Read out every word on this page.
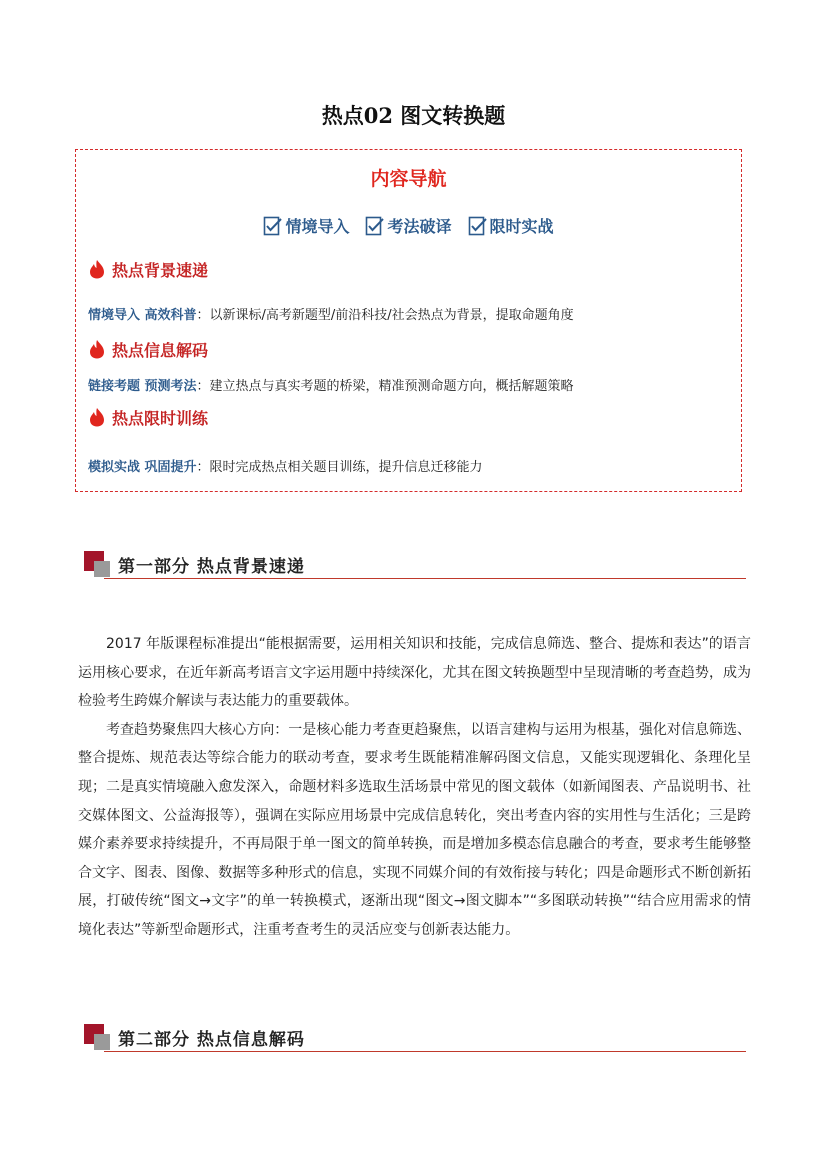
热点02 图文转换题
内容导航
情境导入 考法破译 限时实战
热点背景速递
情境导入 高效科普：以新课标/高考新题型/前沿科技/社会热点为背景，提取命题角度
热点信息解码
链接考题 预测考法：建立热点与真实考题的桥梁，精准预测命题方向，概括解题策略
热点限时训练
模拟实战 巩固提升：限时完成热点相关题目训练，提升信息迁移能力
第一部分 热点背景速递

2017 年版课程标准提出“能根据需要，运用相关知识和技能，完成信息筛选、整合、提炼和表达”的语言运用核心要求，在近年新高考语言文字运用题中持续深化，尤其在图文转换题型中呈现清晰的考查趋势，成为检验考生跨媒介解读与表达能力的重要载体。

考查趋势聚焦四大核心方向：一是核心能力考查更趋聚焦，以语言建构与运用为根基，强化对信息筛选、整合提炼、规范表达等综合能力的联动考查，要求考生既能精准解码图文信息，又能实现逻辑化、条理化呈现；二是真实情境融入愈发深入，命题材料多选取生活场景中常见的图文载体（如新闻图表、产品说明书、社交媒体图文、公益海报等），强调在实际应用场景中完成信息转化，突出考查内容的实用性与生活化；三是跨媒介素养要求持续提升，不再局限于单一图文的简单转换，而是增加多模态信息融合的考查，要求考生能够整合文字、图表、图像、数据等多种形式的信息，实现不同媒介间的有效衔接与转化；四是命题形式不断创新拓展，打破传统“图文→文字”的单一转换模式，逐渐出现“图文→图文脚本”“多图联动转换”“结合应用需求的情境化表达”等新型命题形式，注重考查考生的灵活应变与创新表达能力。

第二部分 热点信息解码
